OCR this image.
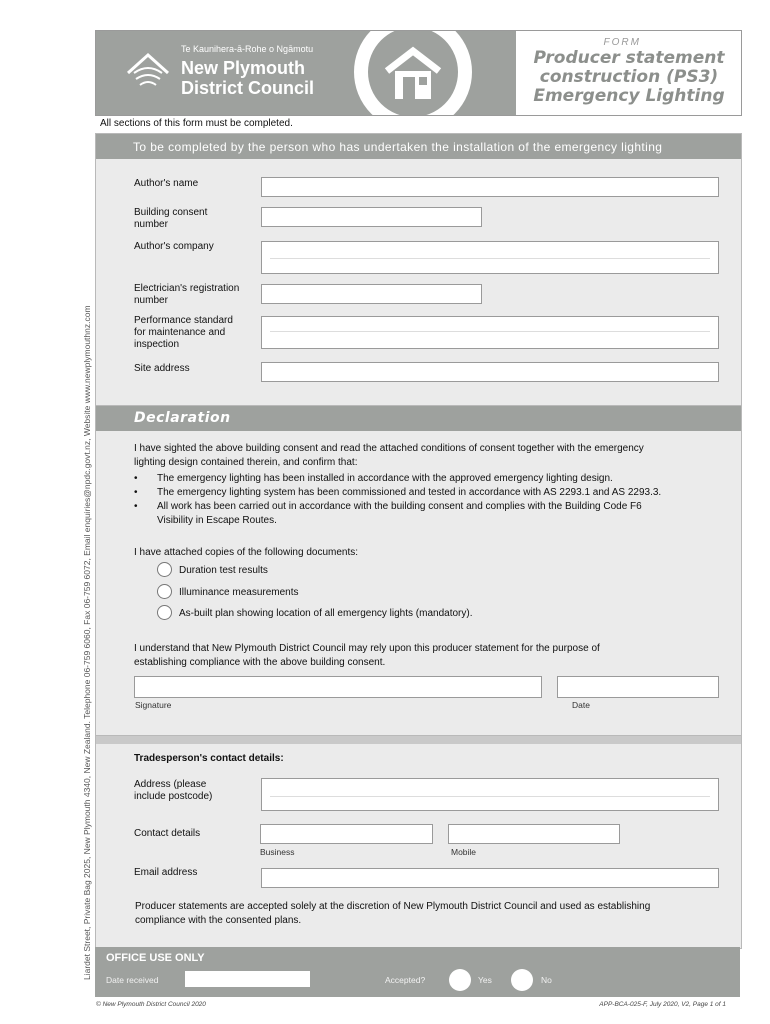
Te Kaunihera-ā-Rohe o Ngāmotu
New Plymouth
District Council
FORM
Producer statement
construction (PS3)
Emergency Lighting
All sections of this form must be completed.
Liardet Street, Private Bag 2025, New Plymouth 4340, New Zealand. Telephone 06-759 6060, Fax 06-759 6072, Email enquiries@npdc.govt.nz, Website www.newplymouthnz.com
To be completed by the person who has undertaken the installation of the emergency lighting
Author's name
Building consent
number
Author's company
Electrician's registration
number
Performance standard
for maintenance and
inspection
Site address
Declaration
I have sighted the above building consent and read the attached conditions of consent together with the emergency
lighting design contained therein, and confirm that:
• The emergency lighting has been installed in accordance with the approved emergency lighting design.
• The emergency lighting system has been commissioned and tested in accordance with AS 2293.1 and AS 2293.3.
• All work has been carried out in accordance with the building consent and complies with the Building Code F6
Visibility in Escape Routes.
I have attached copies of the following documents:
Duration test results
Illuminance measurements
As-built plan showing location of all emergency lights (mandatory).
I understand that New Plymouth District Council may rely upon this producer statement for the purpose of
establishing compliance with the above building consent.
Signature	Date
Tradesperson's contact details:
Address (please
include postcode)
Contact details
Business	Mobile
Email address
Producer statements are accepted solely at the discretion of New Plymouth District Council and used as establishing
compliance with the consented plans.
OFFICE USE ONLY
Date received	Accepted?	Yes	No
© New Plymouth District Council 2020	APP-BCA-025-F, July 2020, V2, Page 1 of 1
